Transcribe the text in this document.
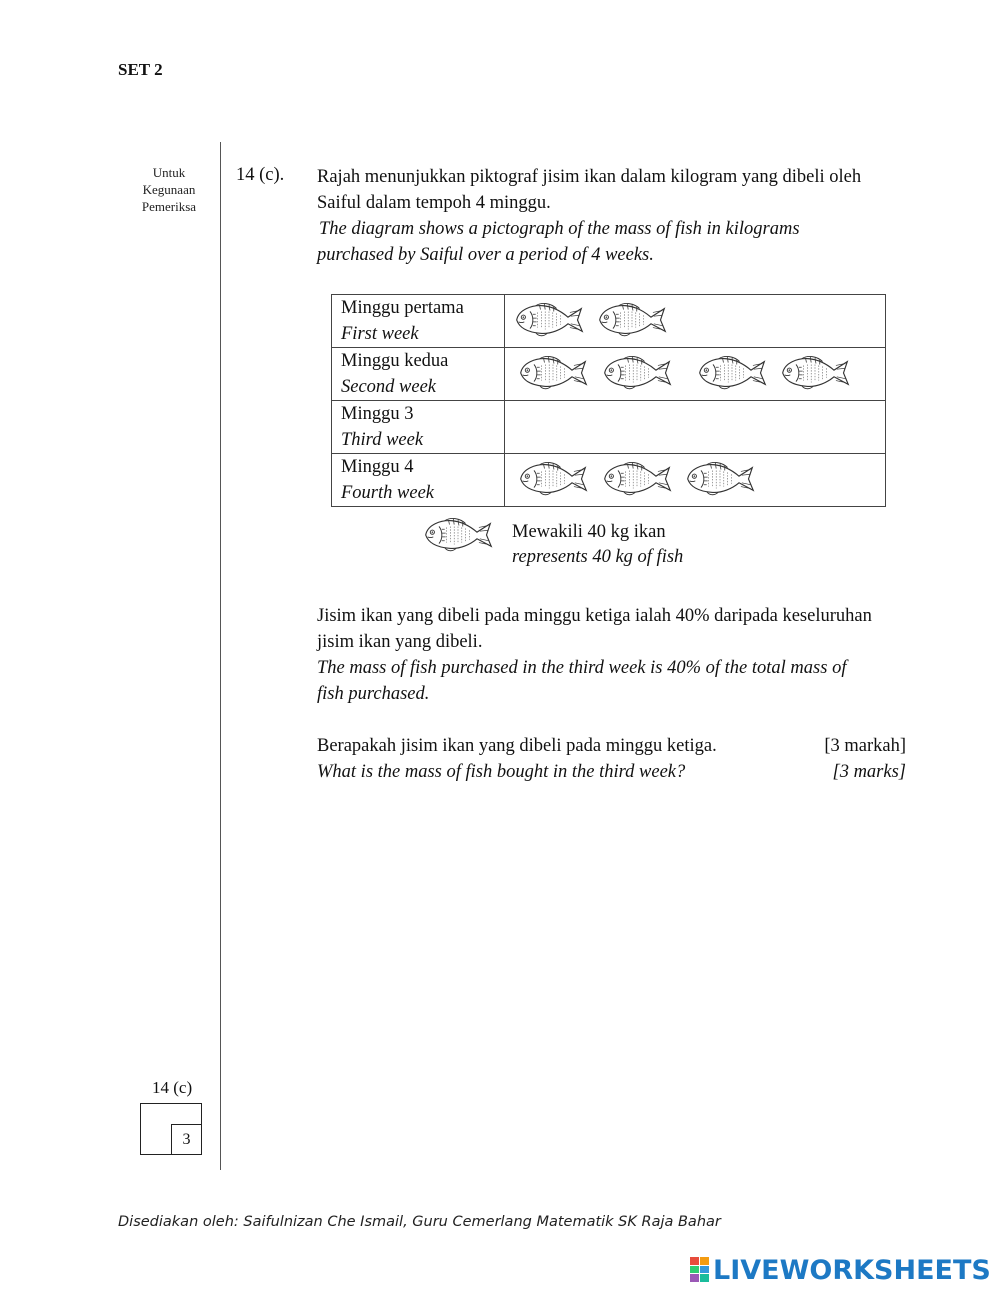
SET 2
Untuk
Kegunaan
Pemeriksa
14 (c). Rajah menunjukkan piktograf jisim ikan dalam kilogram yang dibeli oleh
Saiful dalam tempoh 4 minggu.
The diagram shows a pictograph of the mass of fish in kilograms
purchased by Saiful over a period of 4 weeks.
Minggu pertama
First week

Minggu kedua
Second week

Minggu 3
Third week	

Minggu 4
Fourth week

Mewakili 40 kg ikan
represents 40 kg of fish
Jisim ikan yang dibeli pada minggu ketiga ialah 40% daripada keseluruhan
jisim ikan yang dibeli.
The mass of fish purchased in the third week is 40% of the total mass of
fish purchased.
Berapakah jisim ikan yang dibeli pada minggu ketiga.
What is the mass of fish bought in the third week?
[3 markah]
[3 marks]
14 (c)
3
Disediakan oleh: Saifulnizan Che Ismail, Guru Cemerlang Matematik SK Raja Bahar
LIVEWORKSHEETS
